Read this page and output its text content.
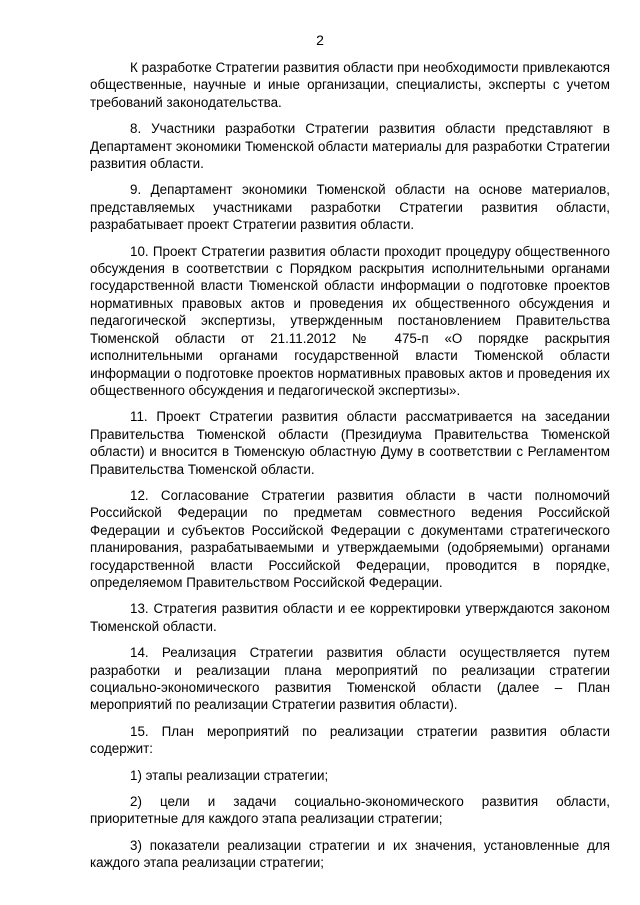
2

К разработке Стратегии развития области при необходимости привлекаются общественные, научные и иные организации, специалисты, эксперты с учетом требований законодательства.

8. Участники разработки Стратегии развития области представляют в Департамент экономики Тюменской области материалы для разработки Стратегии развития области.

9. Департамент экономики Тюменской области на основе материалов, представляемых участниками разработки Стратегии развития области, разрабатывает проект Стратегии развития области.

10. Проект Стратегии развития области проходит процедуру общественного обсуждения в соответствии с Порядком раскрытия исполнительными органами государственной власти Тюменской области информации о подготовке проектов нормативных правовых актов и проведения их общественного обсуждения и педагогической экспертизы, утвержденным постановлением Правительства Тюменской области от 21.11.2012 № 475-п «О порядке раскрытия исполнительными органами государственной власти Тюменской области информации о подготовке проектов нормативных правовых актов и проведения их общественного обсуждения и педагогической экспертизы».

11. Проект Стратегии развития области рассматривается на заседании Правительства Тюменской области (Президиума Правительства Тюменской области) и вносится в Тюменскую областную Думу в соответствии с Регламентом Правительства Тюменской области.

12. Согласование Стратегии развития области в части полномочий Российской Федерации по предметам совместного ведения Российской Федерации и субъектов Российской Федерации с документами стратегического планирования, разрабатываемыми и утверждаемыми (одобряемыми) органами государственной власти Российской Федерации, проводится в порядке, определяемом Правительством Российской Федерации.

13. Стратегия развития области и ее корректировки утверждаются законом Тюменской области.

14. Реализация Стратегии развития области осуществляется путем разработки и реализации плана мероприятий по реализации стратегии социально-экономического развития Тюменской области (далее – План мероприятий по реализации Стратегии развития области).

15. План мероприятий по реализации стратегии развития области содержит:

1) этапы реализации стратегии;

2) цели и задачи социально-экономического развития области, приоритетные для каждого этапа реализации стратегии;

3) показатели реализации стратегии и их значения, установленные для каждого этапа реализации стратегии;
